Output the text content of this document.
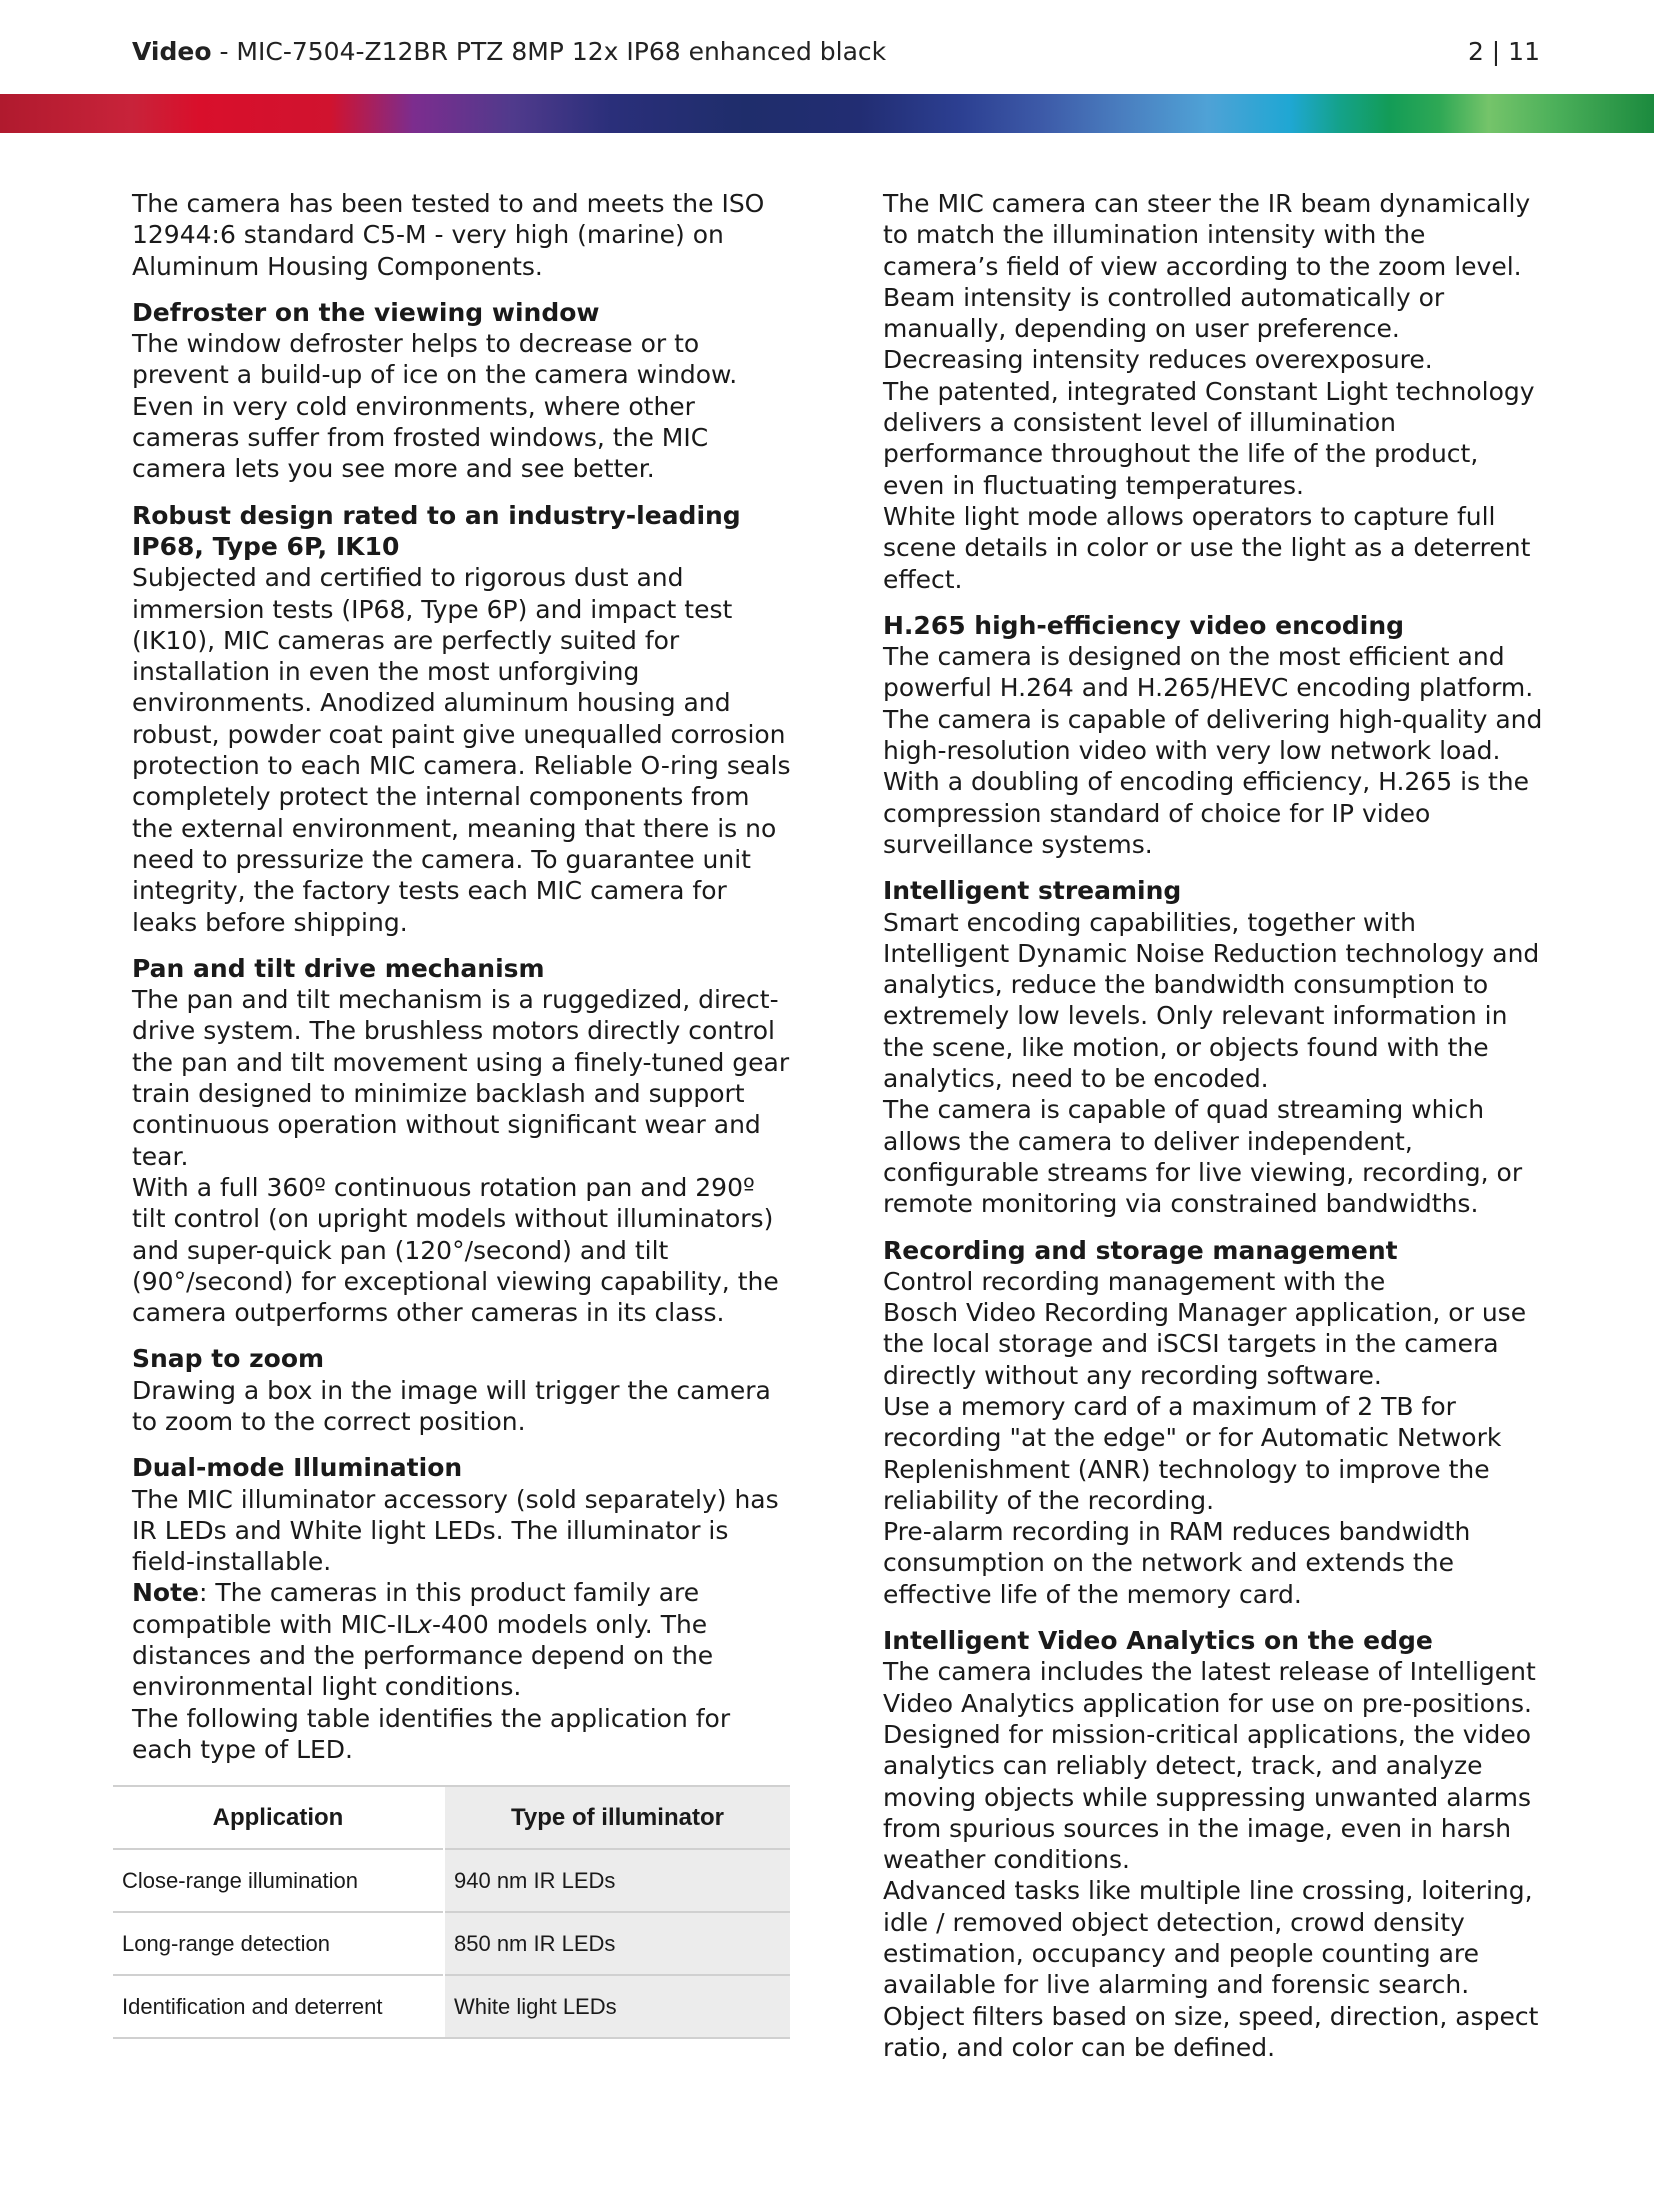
Video - MIC-7504-Z12BR PTZ 8MP 12x IP68 enhanced black	2 | 11

The camera has been tested to and meets the ISO 12944:6 standard C5-M - very high (marine) on Aluminum Housing Components.

Defroster on the viewing window

The window defroster helps to decrease or to prevent a build-up of ice on the camera window. Even in very cold environments, where other cameras suffer from frosted windows, the MIC camera lets you see more and see better.

Robust design rated to an industry-leading IP68, Type 6P, IK10

Subjected and certified to rigorous dust and immersion tests (IP68, Type 6P) and impact test (IK10), MIC cameras are perfectly suited for installation in even the most unforgiving environments. Anodized aluminum housing and robust, powder coat paint give unequalled corrosion protection to each MIC camera. Reliable O-ring seals completely protect the internal components from the external environment, meaning that there is no need to pressurize the camera. To guarantee unit integrity, the factory tests each MIC camera for leaks before shipping.

Pan and tilt drive mechanism

The pan and tilt mechanism is a ruggedized, direct-drive system. The brushless motors directly control the pan and tilt movement using a finely-tuned gear train designed to minimize backlash and support continuous operation without significant wear and tear.

With a full 360º continuous rotation pan and 290º tilt control (on upright models without illuminators) and super-quick pan (120°/second) and tilt (90°/second) for exceptional viewing capability, the camera outperforms other cameras in its class.

Snap to zoom

Drawing a box in the image will trigger the camera to zoom to the correct position.

Dual-mode Illumination

The MIC illuminator accessory (sold separately) has IR LEDs and White light LEDs. The illuminator is field-installable.

Note: The cameras in this product family are compatible with MIC-ILx-400 models only. The distances and the performance depend on the environmental light conditions.

The following table identifies the application for each type of LED.

Application	Type of illuminator
Close-range illumination	940 nm IR LEDs
Long-range detection	850 nm IR LEDs
Identification and deterrent	White light LEDs

The MIC camera can steer the IR beam dynamically to match the illumination intensity with the camera’s field of view according to the zoom level.

Beam intensity is controlled automatically or manually, depending on user preference. Decreasing intensity reduces overexposure.

The patented, integrated Constant Light technology delivers a consistent level of illumination performance throughout the life of the product, even in fluctuating temperatures.

White light mode allows operators to capture full scene details in color or use the light as a deterrent effect.

H.265 high-efficiency video encoding

The camera is designed on the most efficient and powerful H.264 and H.265/HEVC encoding platform. The camera is capable of delivering high-quality and high-resolution video with very low network load. With a doubling of encoding efficiency, H.265 is the compression standard of choice for IP video surveillance systems.

Intelligent streaming

Smart encoding capabilities, together with Intelligent Dynamic Noise Reduction technology and analytics, reduce the bandwidth consumption to extremely low levels. Only relevant information in the scene, like motion, or objects found with the analytics, need to be encoded.

The camera is capable of quad streaming which allows the camera to deliver independent, configurable streams for live viewing, recording, or remote monitoring via constrained bandwidths.

Recording and storage management

Control recording management with the
Bosch Video Recording Manager application, or use the local storage and iSCSI targets in the camera directly without any recording software.

Use a memory card of a maximum of 2 TB for recording "at the edge" or for Automatic Network Replenishment (ANR) technology to improve the reliability of the recording.

Pre-alarm recording in RAM reduces bandwidth consumption on the network and extends the effective life of the memory card.

Intelligent Video Analytics on the edge

The camera includes the latest release of Intelligent Video Analytics application for use on pre-positions. Designed for mission-critical applications, the video analytics can reliably detect, track, and analyze moving objects while suppressing unwanted alarms from spurious sources in the image, even in harsh weather conditions.

Advanced tasks like multiple line crossing, loitering, idle / removed object detection, crowd density estimation, occupancy and people counting are available for live alarming and forensic search. Object filters based on size, speed, direction, aspect ratio, and color can be defined.
